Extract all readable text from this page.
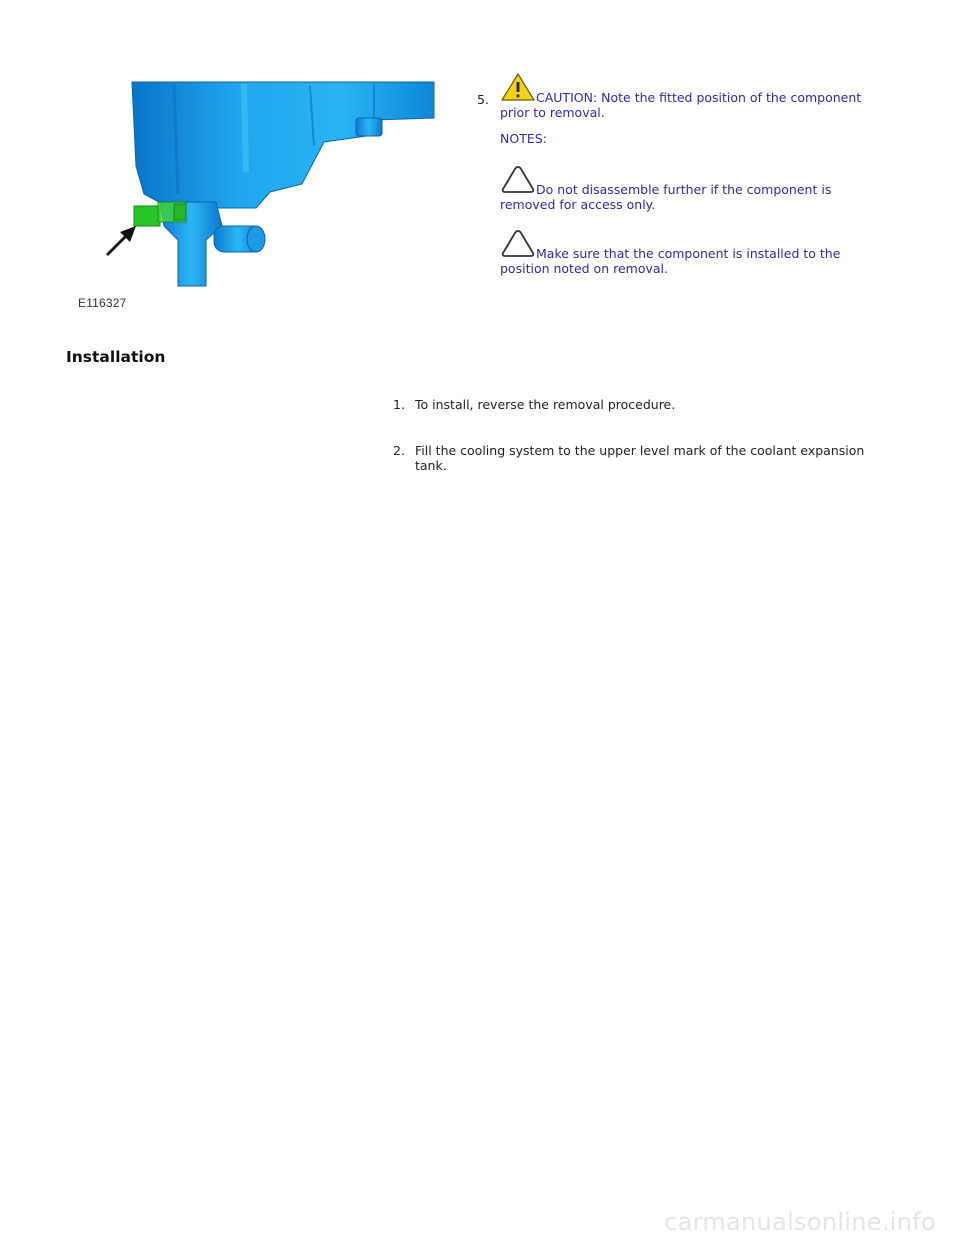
E116327
5.	CAUTION: Note the fitted position of the component prior to removal.
NOTES:
Do not disassemble further if the component is removed for access only.
Make sure that the component is installed to the position noted on removal.
Installation
1. To install, reverse the removal procedure.
2. Fill the cooling system to the upper level mark of the coolant expansion tank.
carmanualsonline.info
